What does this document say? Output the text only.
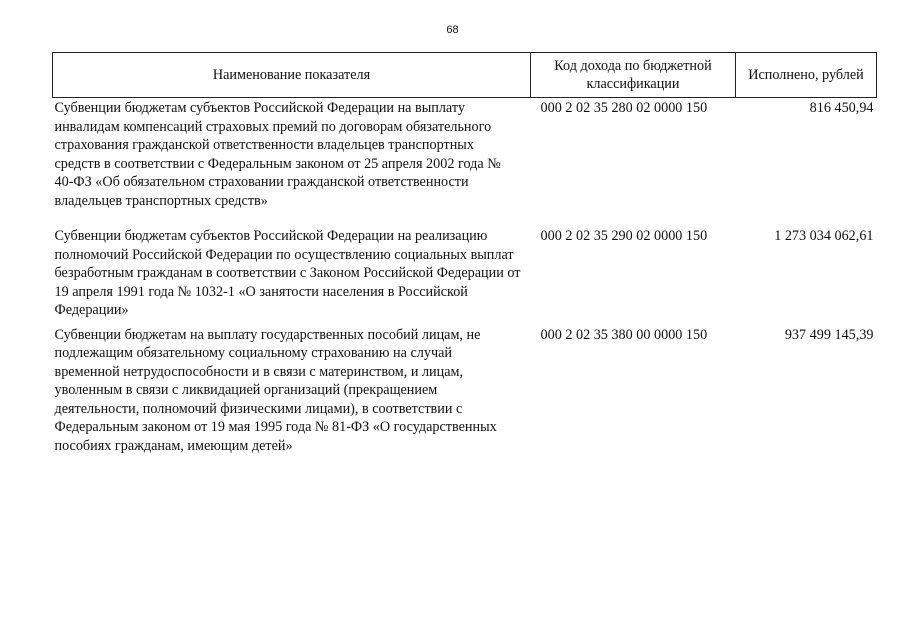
68
Наименование показателя	Код дохода по бюджетной классификации	Исполнено, рублей
Субвенции бюджетам субъектов Российской Федерации на выплату инвалидам компенсаций страховых премий по договорам обязательного страхования гражданской ответственности владельцев транспортных средств в соответствии с Федеральным законом от 25 апреля 2002 года № 40-ФЗ «Об обязательном страховании гражданской ответственности владельцев транспортных средств»	000 2 02 35 280 02 0000 150	816 450,94
Субвенции бюджетам субъектов Российской Федерации на реализацию полномочий Российской Федерации по осуществлению социальных выплат безработным гражданам в соответствии с Законом Российской Федерации от 19 апреля 1991 года № 1032-1 «О занятости населения в Российской Федерации»	000 2 02 35 290 02 0000 150	1 273 034 062,61
Субвенции бюджетам на выплату государственных пособий лицам, не подлежащим обязательному социальному страхованию на случай временной нетрудоспособности и в связи с материнством, и лицам, уволенным в связи с ликвидацией организаций (прекращением деятельности, полномочий физическими лицами), в соответствии с Федеральным законом от 19 мая 1995 года № 81-ФЗ «О государственных пособиях гражданам, имеющим детей»	000 2 02 35 380 00 0000 150	937 499 145,39
